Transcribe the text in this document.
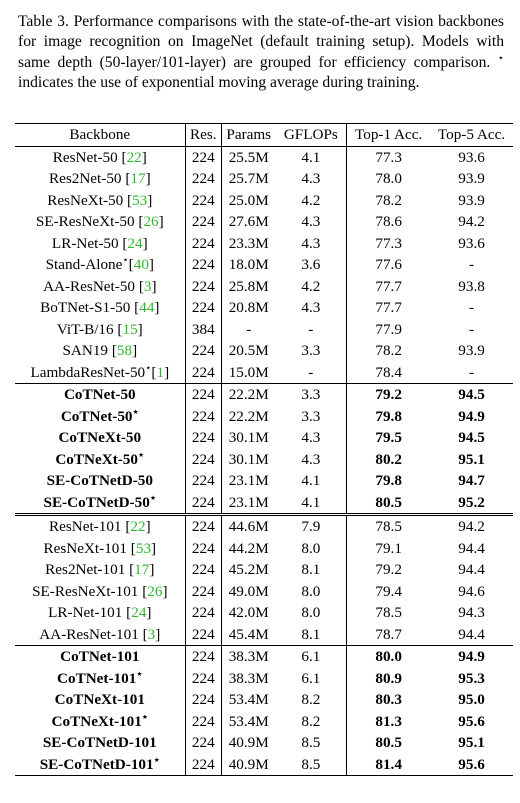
Table 3. Performance comparisons with the state-of-the-art vision backbones for image recognition on ImageNet (default training setup). Models with same depth (50-layer/101-layer) are grouped for efficiency comparison. ⋆ indicates the use of exponential moving average during training.
Backbone	Res.	Params	GFLOPs	Top-1 Acc.	Top-5 Acc.
ResNet-50 [22]	224	25.5M	4.1	77.3	93.6
Res2Net-50 [17]	224	25.7M	4.3	78.0	93.9
ResNeXt-50 [53]	224	25.0M	4.2	78.2	93.9
SE-ResNeXt-50 [26]	224	27.6M	4.3	78.6	94.2
LR-Net-50 [24]	224	23.3M	4.3	77.3	93.6
Stand-Alone⋆[40]	224	18.0M	3.6	77.6	-
AA-ResNet-50 [3]	224	25.8M	4.2	77.7	93.8
BoTNet-S1-50 [44]	224	20.8M	4.3	77.7	-
ViT-B/16 [15]	384	-	-	77.9	-
SAN19 [58]	224	20.5M	3.3	78.2	93.9
LambdaResNet-50⋆[1]	224	15.0M	-	78.4	-
CoTNet-50	224	22.2M	3.3	79.2	94.5
CoTNet-50⋆	224	22.2M	3.3	79.8	94.9
CoTNeXt-50	224	30.1M	4.3	79.5	94.5
CoTNeXt-50⋆	224	30.1M	4.3	80.2	95.1
SE-CoTNetD-50	224	23.1M	4.1	79.8	94.7
SE-CoTNetD-50⋆	224	23.1M	4.1	80.5	95.2
ResNet-101 [22]	224	44.6M	7.9	78.5	94.2
ResNeXt-101 [53]	224	44.2M	8.0	79.1	94.4
Res2Net-101 [17]	224	45.2M	8.1	79.2	94.4
SE-ResNeXt-101 [26]	224	49.0M	8.0	79.4	94.6
LR-Net-101 [24]	224	42.0M	8.0	78.5	94.3
AA-ResNet-101 [3]	224	45.4M	8.1	78.7	94.4
CoTNet-101	224	38.3M	6.1	80.0	94.9
CoTNet-101⋆	224	38.3M	6.1	80.9	95.3
CoTNeXt-101	224	53.4M	8.2	80.3	95.0
CoTNeXt-101⋆	224	53.4M	8.2	81.3	95.6
SE-CoTNetD-101	224	40.9M	8.5	80.5	95.1
SE-CoTNetD-101⋆	224	40.9M	8.5	81.4	95.6
